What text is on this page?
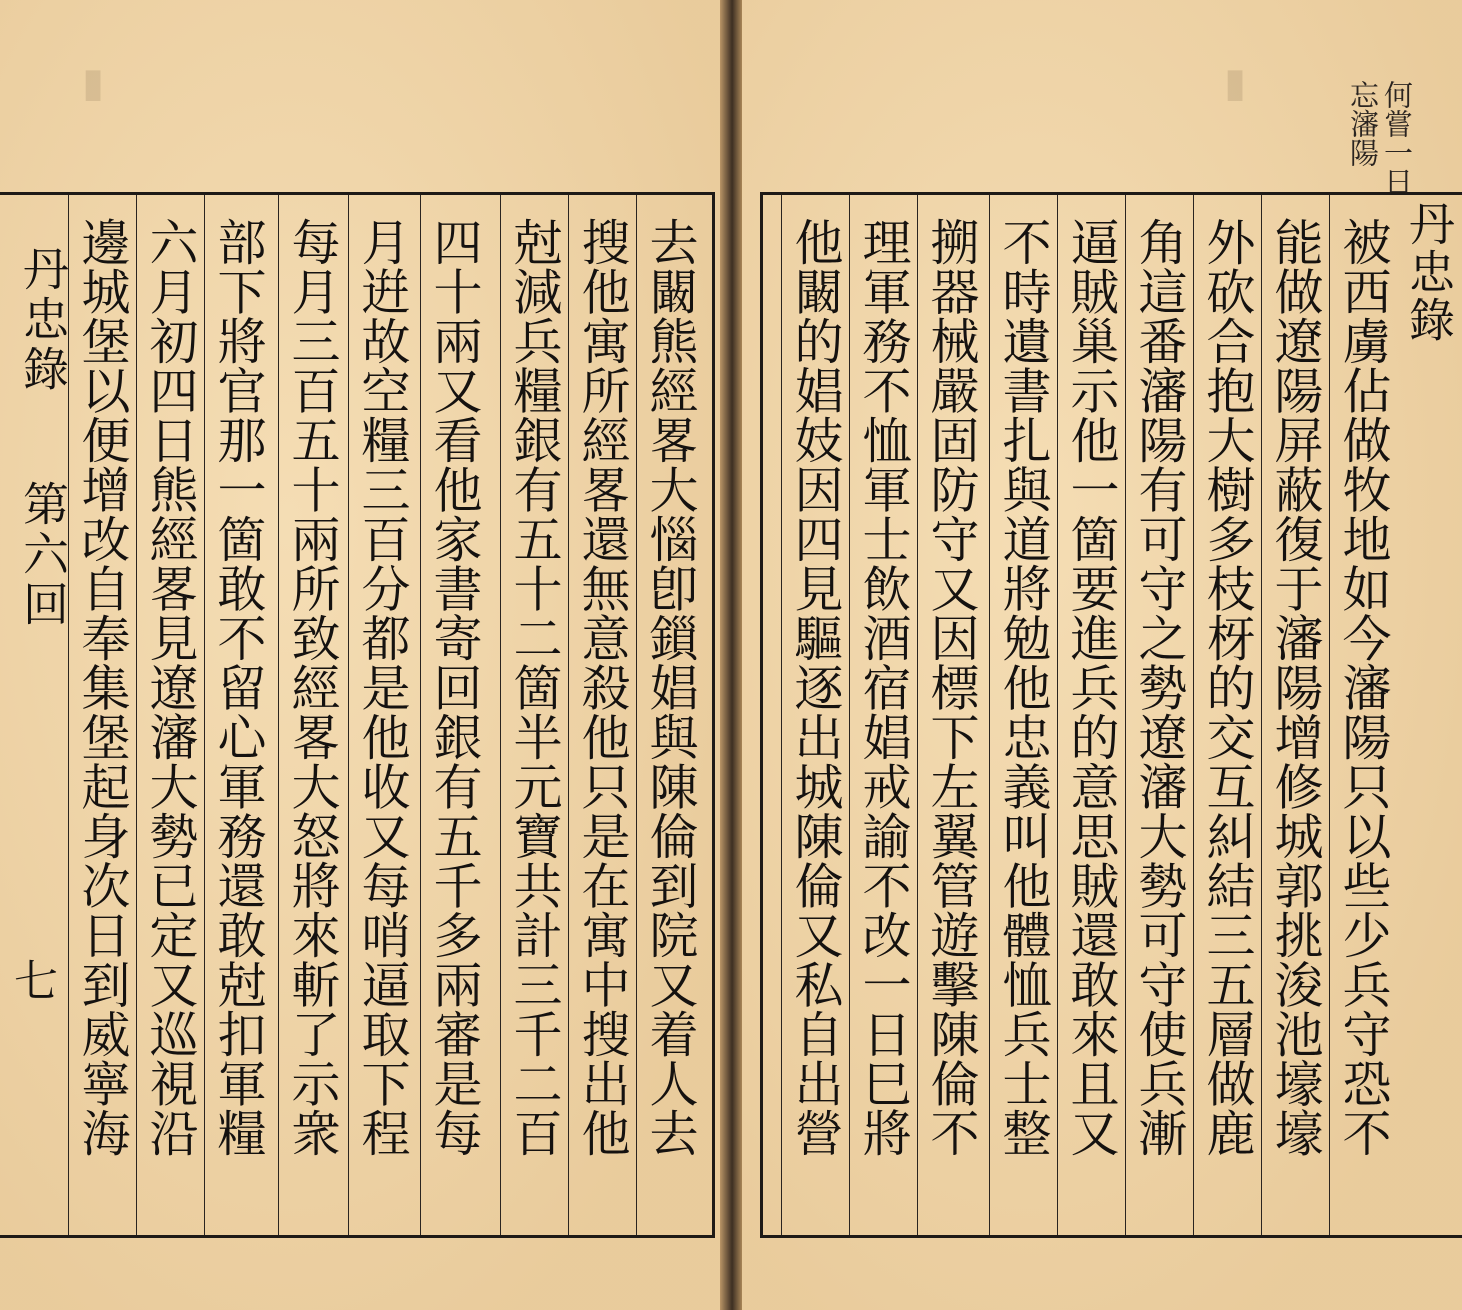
▮
丹忠錄
第六回
七	去闞熊經畧大惱卽鎻娼與陳倫到院又着人去
搜他寓所經畧還無意殺他只是在寓中搜出他
尅減兵糧銀有五十二箇半元寶共計三千二百
四十兩又看他家書寄回銀有五千多兩審是每
月逬故空糧三百分都是他收又每哨逼取下程
每月三百五十兩所致經畧大怒將來斬了示衆
部下將官那一箇敢不留心軍務還敢尅扣軍糧
六月初四日熊經畧見遼瀋大勢已定又巡視沿
邊城堡以便增改自奉集堡起身次日到威寧海
何嘗一日
忘瀋陽
▮
丹忠錄
被西虜佔做牧地如今瀋陽只以些少兵守恐不
能做遼陽屏蔽復于瀋陽增修城郭挑浚池壕壕
外砍合抱大樹多枝枒的交互糾結三五層做鹿
角這番瀋陽有可守之勢遼瀋大勢可守使兵漸
逼賊巢示他一箇要進兵的意思賊還敢來且又
不時遺書扎與道將勉他忠義叫他體恤兵士整
搠器械嚴固防守又因標下左翼管遊擊陳倫不
理軍務不恤軍士飲酒宿娼戒諭不改一日巳將
他闞的娼妓因四見驅逐出城陳倫又私自出營
